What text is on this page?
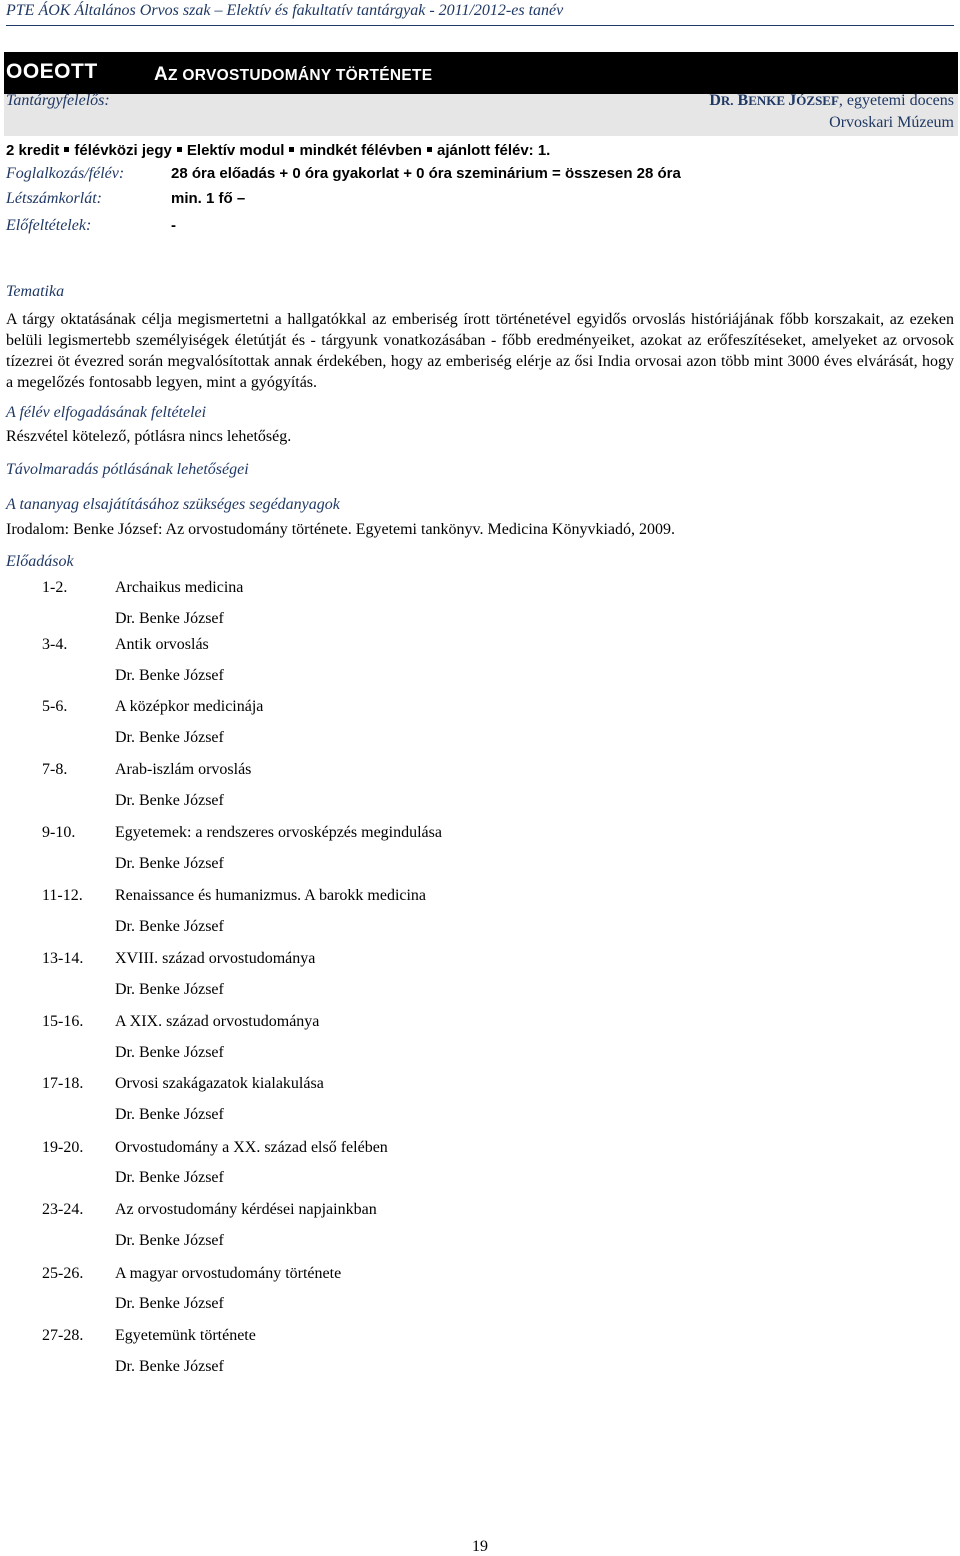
PTE ÁOK Általános Orvos szak – Elektív és fakultatív tantárgyak - 2011/2012-es tanév
OOEOTT	AZ ORVOSTUDOMÁNY TÖRTÉNETE
Tantárgyfelelős:	DR. BENKE JÓZSEF, egyetemi docens
Orvoskari Múzeum
2 kredit félévközi jegy Elektív modul mindkét félévben ajánlott félév: 1.
Foglalkozás/félév:	28 óra előadás + 0 óra gyakorlat + 0 óra szeminárium = összesen 28 óra
Létszámkorlát:	min. 1 fő –
Előfeltételek:	-
Tematika
A tárgy oktatásának célja megismertetni a hallgatókkal az emberiség írott történetével egyidős orvoslás históriájának főbb korszakait, az ezeken belüli legismertebb személyiségek életútját és - tárgyunk vonatkozásában - főbb eredményeiket, azokat az erőfeszítéseket, amelyeket az orvosok tízezrei öt évezred során megvalósítottak annak érdekében, hogy az emberiség elérje az ősi India orvosai azon több mint 3000 éves elvárását, hogy a megelőzés fontosabb legyen, mint a gyógyítás.
A félév elfogadásának feltételei
Részvétel kötelező, pótlásra nincs lehetőség.
Távolmaradás pótlásának lehetőségei
A tananyag elsajátításához szükséges segédanyagok
Irodalom: Benke József: Az orvostudomány története. Egyetemi tankönyv. Medicina Könyvkiadó, 2009.
Előadások
1-2.	Archaikus medicina
Dr. Benke József
3-4.	Antik orvoslás
Dr. Benke József
5-6.	A középkor medicinája
Dr. Benke József
7-8.	Arab-iszlám orvoslás
Dr. Benke József
9-10. Egyetemek: a rendszeres orvosképzés megindulása
Dr. Benke József
11-12. Renaissance és humanizmus. A barokk medicina
Dr. Benke József
13-14. XVIII. század orvostudománya
Dr. Benke József
15-16. A XIX. század orvostudománya
Dr. Benke József
17-18. Orvosi szakágazatok kialakulása
Dr. Benke József
19-20. Orvostudomány a XX. század első felében
Dr. Benke József
23-24. Az orvostudomány kérdései napjainkban
Dr. Benke József
25-26. A magyar orvostudomány története
Dr. Benke József
27-28. Egyetemünk története
Dr. Benke József
19
